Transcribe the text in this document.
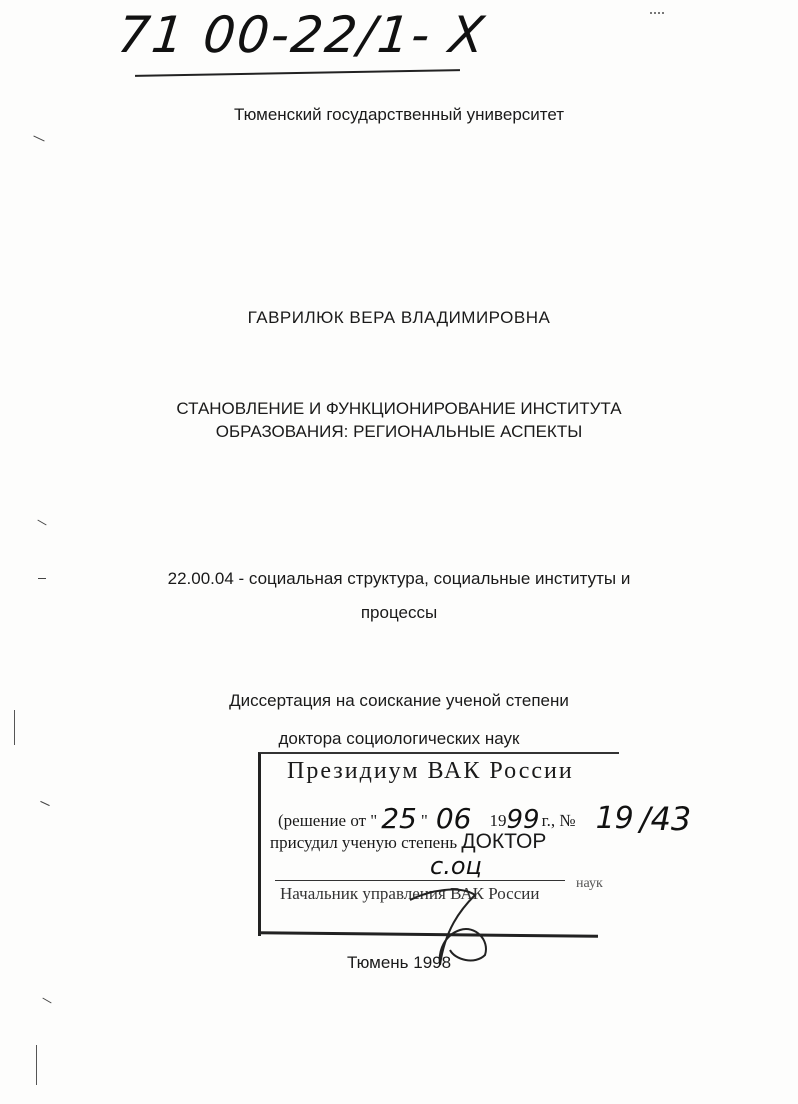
71 00-22/1- X
Тюменский государственный университет
ГАВРИЛЮК ВЕРА ВЛАДИМИРОВНА
СТАНОВЛЕНИЕ И ФУНКЦИОНИРОВАНИЕ ИНСТИТУТА
ОБРАЗОВАНИЯ: РЕГИОНАЛЬНЫЕ АСПЕКТЫ
22.00.04 - социальная структура, социальные институты и
процессы
Диссертация на соискание ученой степени
доктора социологических наук
Президиум ВАК России
(решение от " 25 " 06 1999 г., № 19 /43
присудил ученую степень ДОКТОР
с.оц
наук
Начальник управления ВАК России
Тюмень 1998
